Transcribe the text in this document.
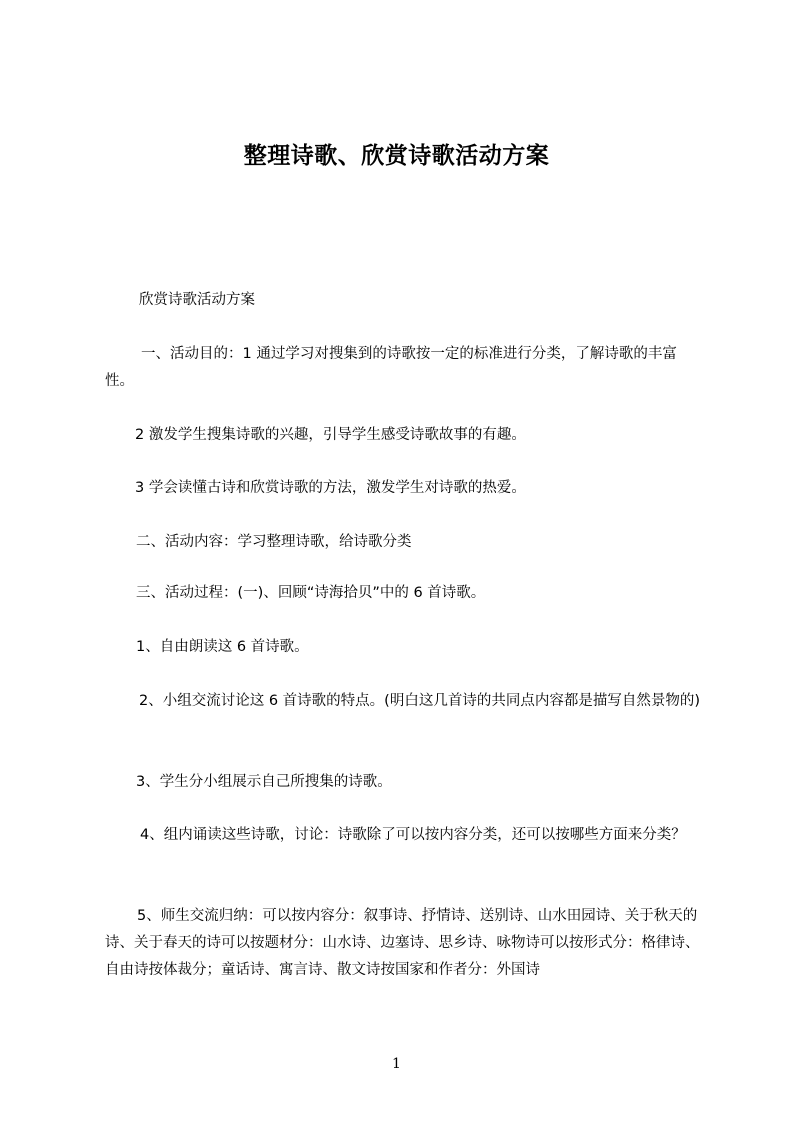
整理诗歌、欣赏诗歌活动方案
欣赏诗歌活动方案
一、活动目的：1 通过学习对搜集到的诗歌按一定的标准进行分类，了解诗歌的丰富性。
2 激发学生搜集诗歌的兴趣，引导学生感受诗歌故事的有趣。
3 学会读懂古诗和欣赏诗歌的方法，激发学生对诗歌的热爱。
二、活动内容：学习整理诗歌，给诗歌分类
三、活动过程：(一)、回顾“诗海拾贝”中的 6 首诗歌。
1、自由朗读这 6 首诗歌。
2、小组交流讨论这 6 首诗歌的特点。(明白这几首诗的共同点内容都是描写自然景物的)
3、学生分小组展示自己所搜集的诗歌。
4、组内诵读这些诗歌，讨论：诗歌除了可以按内容分类，还可以按哪些方面来分类？
5、师生交流归纳：可以按内容分：叙事诗、抒情诗、送别诗、山水田园诗、关于秋天的诗、关于春天的诗可以按题材分：山水诗、边塞诗、思乡诗、咏物诗可以按形式分：格律诗、自由诗按体裁分；童话诗、寓言诗、散文诗按国家和作者分：外国诗
1
